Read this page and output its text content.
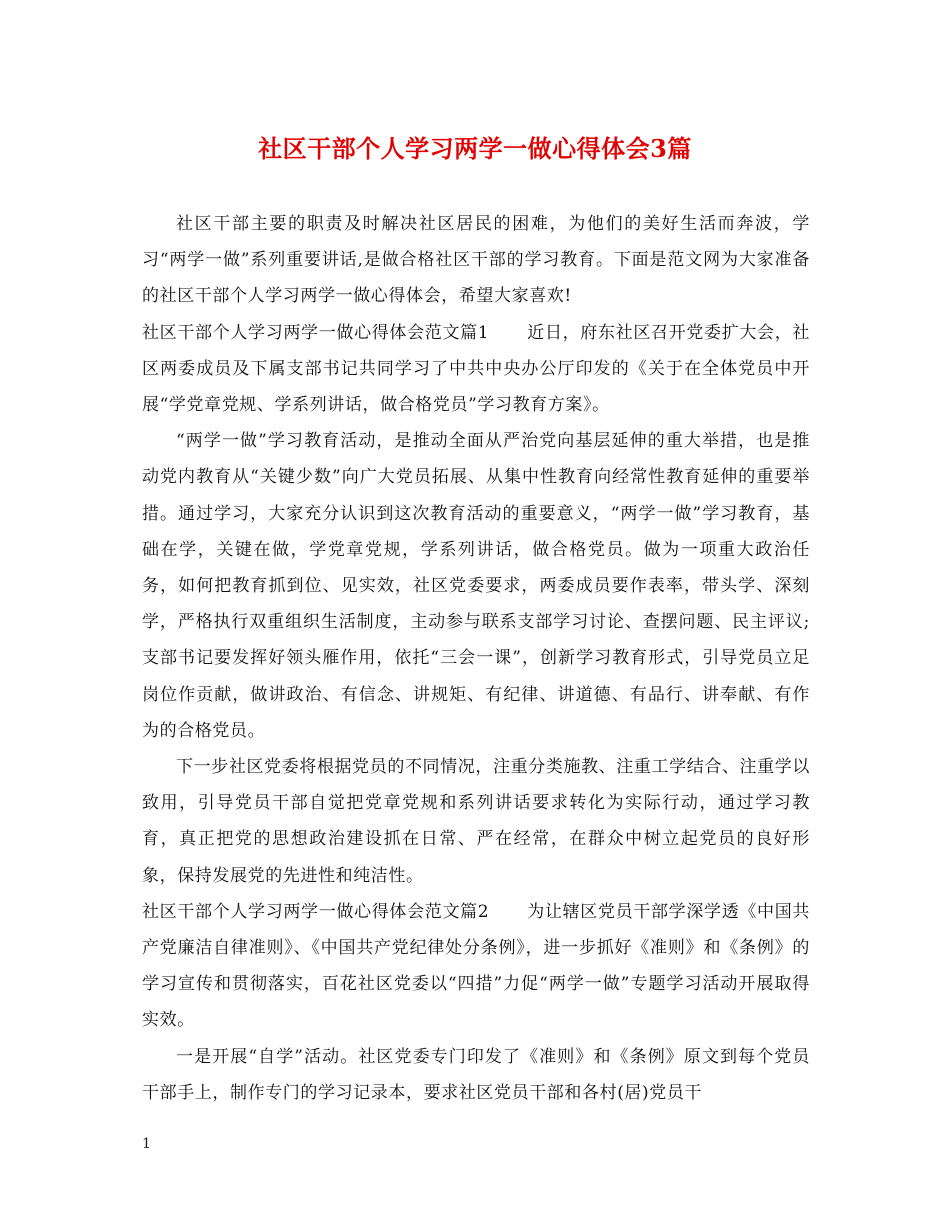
社区干部个人学习两学一做心得体会3篇

社区干部主要的职责及时解决社区居民的困难，为他们的美好生活而奔波，学习“两学一做”系列重要讲话,是做合格社区干部的学习教育。下面是范文网为大家准备的社区干部个人学习两学一做心得体会，希望大家喜欢!

社区干部个人学习两学一做心得体会范文篇1 近日，府东社区召开党委扩大会，社区两委成员及下属支部书记共同学习了中共中央办公厅印发的《关于在全体党员中开展“学党章党规、学系列讲话，做合格党员”学习教育方案》。

“两学一做”学习教育活动，是推动全面从严治党向基层延伸的重大举措，也是推动党内教育从“关键少数”向广大党员拓展、从集中性教育向经常性教育延伸的重要举措。通过学习，大家充分认识到这次教育活动的重要意义，“两学一做”学习教育，基础在学，关键在做，学党章党规，学系列讲话，做合格党员。做为一项重大政治任务，如何把教育抓到位、见实效，社区党委要求，两委成员要作表率，带头学、深刻学，严格执行双重组织生活制度，主动参与联系支部学习讨论、查摆问题、民主评议;支部书记要发挥好领头雁作用，依托“三会一课”，创新学习教育形式，引导党员立足岗位作贡献，做讲政治、有信念、讲规矩、有纪律、讲道德、有品行、讲奉献、有作为的合格党员。

下一步社区党委将根据党员的不同情况，注重分类施教、注重工学结合、注重学以致用，引导党员干部自觉把党章党规和系列讲话要求转化为实际行动，通过学习教育，真正把党的思想政治建设抓在日常、严在经常，在群众中树立起党员的良好形象，保持发展党的先进性和纯洁性。

社区干部个人学习两学一做心得体会范文篇2 为让辖区党员干部学深学透《中国共产党廉洁自律准则》、《中国共产党纪律处分条例》，进一步抓好《准则》和《条例》的学习宣传和贯彻落实，百花社区党委以“四措”力促“两学一做”专题学习活动开展取得实效。

一是开展“自学”活动。社区党委专门印发了《准则》和《条例》原文到每个党员干部手上，制作专门的学习记录本，要求社区党员干部和各村(居)党员干

1
